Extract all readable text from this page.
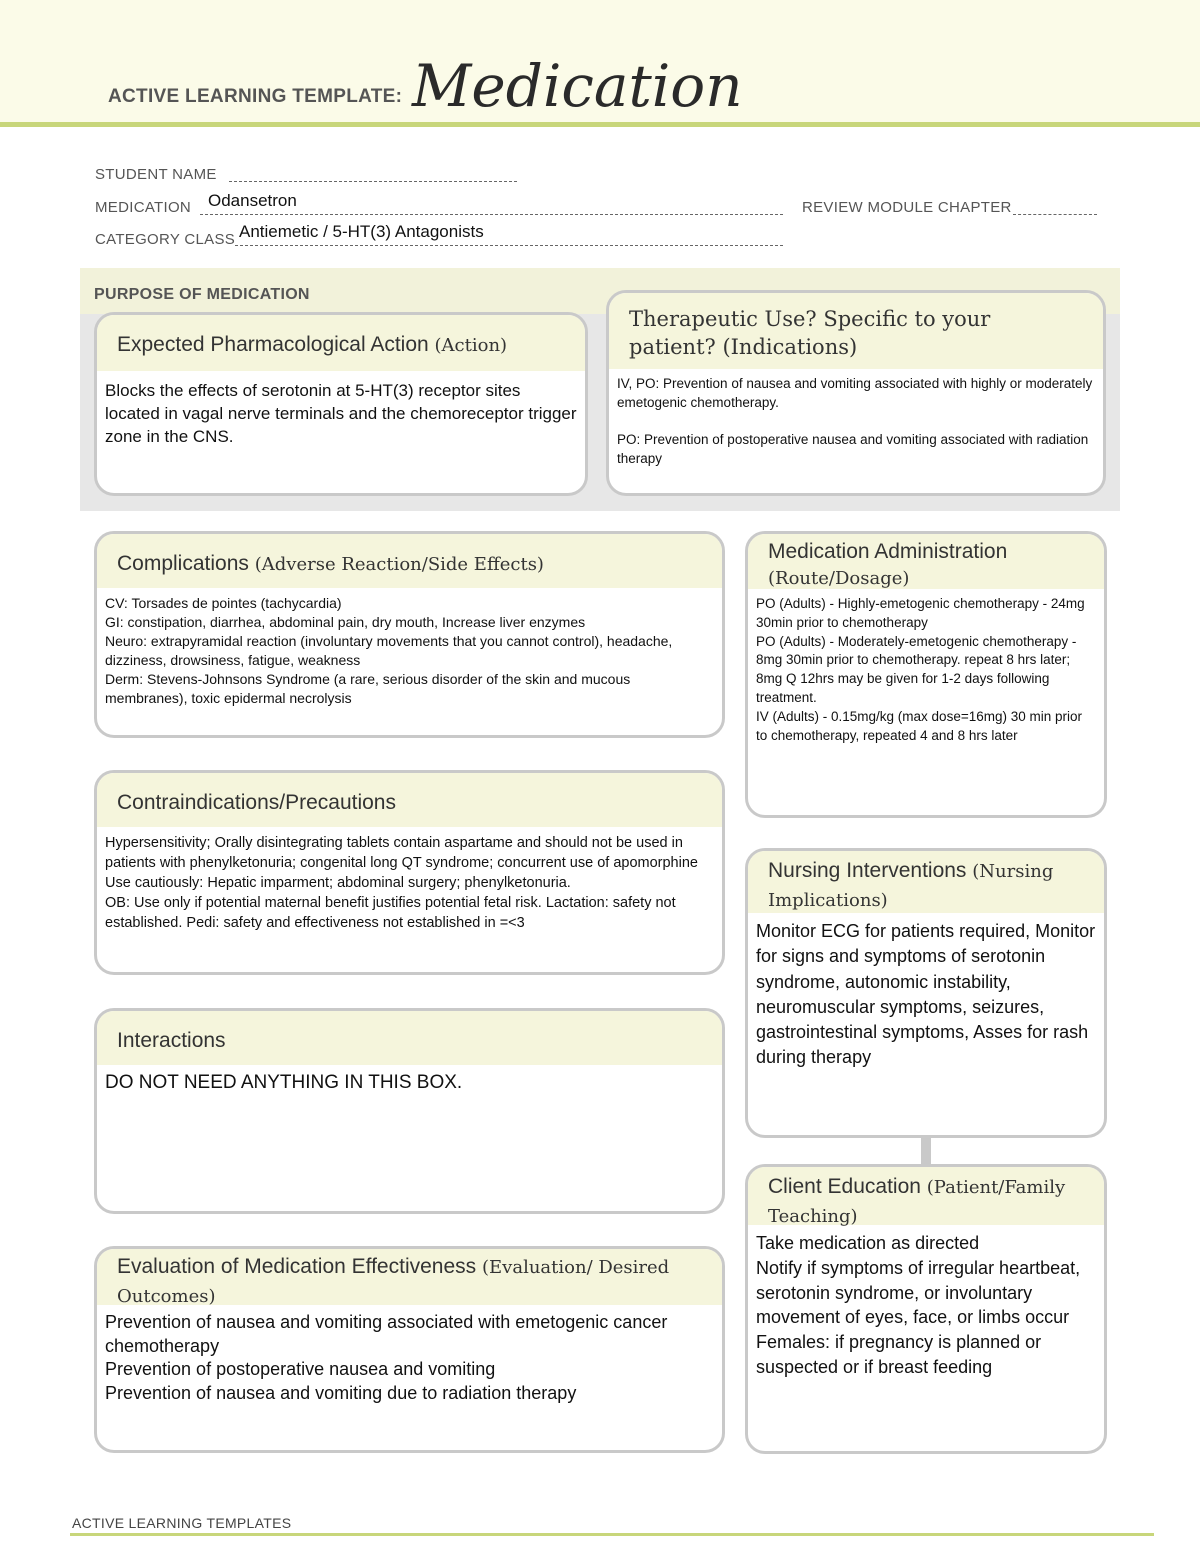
ACTIVE LEARNING TEMPLATE: Medication
STUDENT NAME
MEDICATION Odansetron	REVIEW MODULE CHAPTER
CATEGORY CLASS Antiemetic / 5-HT(3) Antagonists
PURPOSE OF MEDICATION
Expected Pharmacological Action (Action)
Blocks the effects of serotonin at 5-HT(3) receptor sites located in vagal nerve terminals and the chemoreceptor trigger zone in the CNS.
Therapeutic Use? Specific to your patient? (Indications)
IV, PO: Prevention of nausea and vomiting associated with highly or moderately emetogenic chemotherapy.
PO: Prevention of postoperative nausea and vomiting associated with radiation therapy
Complications (Adverse Reaction/Side Effects)
CV: Torsades de pointes (tachycardia)
GI: constipation, diarrhea, abdominal pain, dry mouth, Increase liver enzymes
Neuro: extrapyramidal reaction (involuntary movements that you cannot control), headache, dizziness, drowsiness, fatigue, weakness
Derm: Stevens-Johnsons Syndrome (a rare, serious disorder of the skin and mucous membranes), toxic epidermal necrolysis
Medication Administration
(Route/Dosage)
PO (Adults) - Highly-emetogenic chemotherapy - 24mg 30min prior to chemotherapy
PO (Adults) - Moderately-emetogenic chemotherapy - 8mg 30min prior to chemotherapy. repeat 8 hrs later; 8mg Q 12hrs may be given for 1-2 days following treatment.
IV (Adults) - 0.15mg/kg (max dose=16mg) 30 min prior to chemotherapy, repeated 4 and 8 hrs later
Contraindications/Precautions
Hypersensitivity; Orally disintegrating tablets contain aspartame and should not be used in patients with phenylketonuria; congenital long QT syndrome; concurrent use of apomorphine
Use cautiously: Hepatic imparment; abdominal surgery; phenylketonuria.
OB: Use only if potential maternal benefit justifies potential fetal risk. Lactation: safety not established. Pedi: safety and effectiveness not established in =<3
Nursing Interventions (Nursing Implications)
Monitor ECG for patients required, Monitor for signs and symptoms of serotonin syndrome, autonomic instability, neuromuscular symptoms, seizures, gastrointestinal symptoms, Asses for rash during therapy
Interactions
DO NOT NEED ANYTHING IN THIS BOX.
Client Education (Patient/Family Teaching)
Take medication as directed
Notify if symptoms of irregular heartbeat, serotonin syndrome, or involuntary movement of eyes, face, or limbs occur
Females: if pregnancy is planned or suspected or if breast feeding
Evaluation of Medication Effectiveness (Evaluation/ Desired Outcomes)
Prevention of nausea and vomiting associated with emetogenic cancer chemotherapy
Prevention of postoperative nausea and vomiting
Prevention of nausea and vomiting due to radiation therapy
ACTIVE LEARNING TEMPLATES
